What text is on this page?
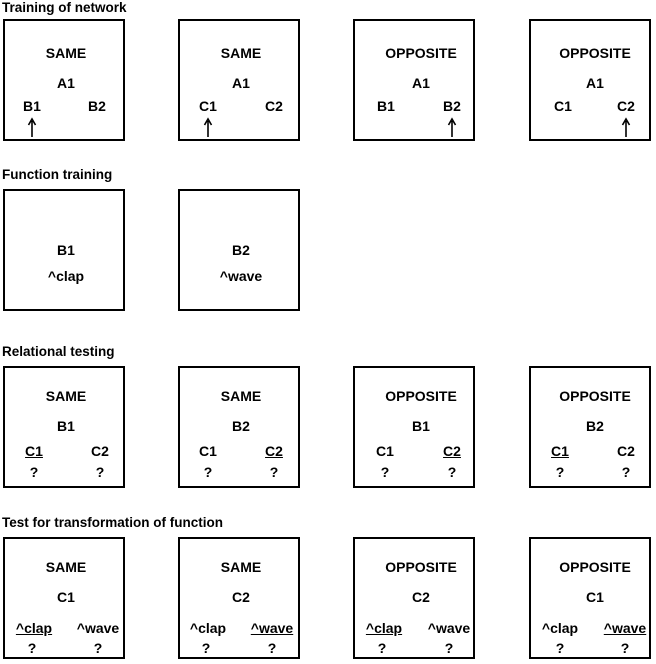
Training of network
Function training
Relational testing
Test for transformation of function
SAME
A1
B1	B2
SAME
A1
C1	C2
OPPOSITE
A1
B1	B2
OPPOSITE
A1
C1	C2
B1
^clap
B2
^wave
SAME
B1
C1	C2
?	?
SAME
B2
C1	C2
?	?
OPPOSITE
B1
C1	C2
?	?
OPPOSITE
B2
C1	C2
?	?
SAME
C1
^clap ^wave
?	?
SAME
C2
^clap ^wave
?	?
OPPOSITE
C2
^clap ^wave
?	?
OPPOSITE
C1
^clap ^wave
?	?
